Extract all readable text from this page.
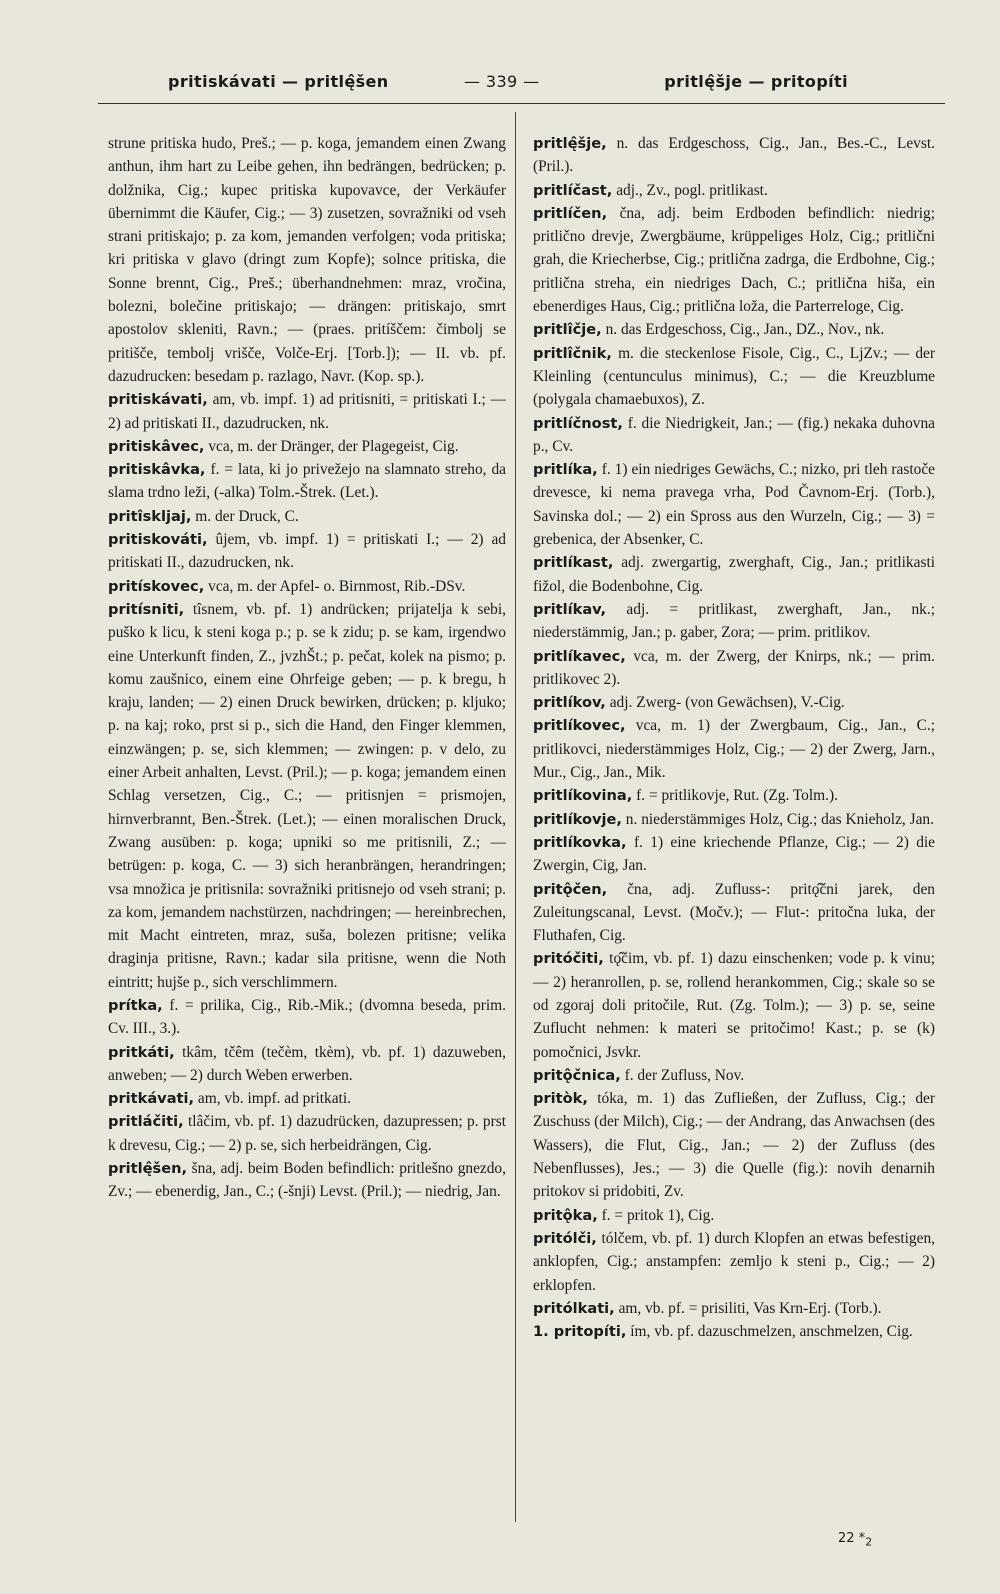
pritiskávati — pritlę̂šen	— 339 —	pritlę̂šje — pritopíti

strune pritiska hudo, Preš.; — p. koga, jemandem einen Zwang anthun, ihm hart zu Leibe gehen, ihn bedrängen, bedrücken; p. dolžnika, Cig.; kupec pritiska kupovavce, der Verkäufer übernimmt die Käufer, Cig.; — 3) zusetzen, sovražniki od vseh strani pritiskajo; p. za kom, jemanden verfolgen; voda pritiska; kri pritiska v glavo (dringt zum Kopfe); solnce pritiska, die Sonne brennt, Cig., Preš.; überhandnehmen: mraz, vročina, bolezni, bolečine pritiskajo; — drängen: pritiskajo, smrt apostolov skleniti, Ravn.; — (praes. pritíščem: čimbolj se pritišče, tembolj vrišče, Volče-Erj. [Torb.]); — II. vb. pf. dazudrucken: besedam p. razlago, Navr. (Kop. sp.).

pritiskávati, am, vb. impf. 1) ad pritisniti, = pritiskati I.; — 2) ad pritiskati II., dazudrucken, nk.

pritiskâvec, vca, m. der Dränger, der Plagegeist, Cig.

pritiskâvka, f. = lata, ki jo privežejo na slamnato streho, da slama trdno leži, (-alka) Tolm.-Štrek. (Let.).

pritîskljaj, m. der Druck, C.

pritiskováti, ûjem, vb. impf. 1) = pritiskati I.; — 2) ad pritiskati II., dazudrucken, nk.

pritískovec, vca, m. der Apfel- o. Birnmost, Rib.-DSv.

pritísniti, tîsnem, vb. pf. 1) andrücken; prijatelja k sebi, puško k licu, k steni koga p.; p. se k zidu; p. se kam, irgendwo eine Unterkunft finden, Z., jvzhŠt.; p. pečat, kolek na pismo; p. komu zaušnico, einem eine Ohrfeige geben; — p. k bregu, h kraju, landen; — 2) einen Druck bewirken, drücken; p. kljuko; p. na kaj; roko, prst si p., sich die Hand, den Finger klemmen, einzwängen; p. se, sich klemmen; — zwingen: p. v delo, zu einer Arbeit anhalten, Levst. (Pril.); — p. koga; jemandem einen Schlag versetzen, Cig., C.; — pritisnjen = prismojen, hirnverbrannt, Ben.-Štrek. (Let.); — einen moralischen Druck, Zwang ausüben: p. koga; upniki so me pritisnili, Z.; — betrügen: p. koga, C. — 3) sich heranbrängen, herandringen; vsa množica je pritisnila: sovražniki pritisnejo od vseh strani; p. za kom, jemandem nachstürzen, nachdringen; — hereinbrechen, mit Macht eintreten, mraz, suša, bolezen pritisne; velika draginja pritisne, Ravn.; kadar sila pritisne, wenn die Noth eintritt; hujše p., sich verschlimmern.

prítka, f. = prilika, Cig., Rib.-Mik.; (dvomna beseda, prim. Cv. III., 3.).

pritkáti, tkâm, tčêm (tečèm, tkèm), vb. pf. 1) dazuweben, anweben; — 2) durch Weben erwerben.

pritkávati, am, vb. impf. ad pritkati.

pritláčiti, tlâčim, vb. pf. 1) dazudrücken, dazupressen; p. prst k drevesu, Cig.; — 2) p. se, sich herbeidrängen, Cig.

pritlę̂šen, šna, adj. beim Boden befindlich: pritlešno gnezdo, Zv.; — ebenerdig, Jan., C.; (-šnji) Levst. (Pril.); — niedrig, Jan.

pritlę̂šje, n. das Erdgeschoss, Cig., Jan., Bes.-C., Levst. (Pril.).

pritlíčast, adj., Zv., pogl. pritlikast.

pritlíčen, čna, adj. beim Erdboden befindlich: niedrig; pritlično drevje, Zwergbäume, krüppeliges Holz, Cig.; pritlični grah, die Kriecherbse, Cig.; pritlična zadrga, die Erdbohne, Cig.; pritlična streha, ein niedriges Dach, C.; pritlična hiša, ein ebenerdiges Haus, Cig.; pritlična loža, die Parterreloge, Cig.

pritlîčje, n. das Erdgeschoss, Cig., Jan., DZ., Nov., nk.

pritlîčnik, m. die steckenlose Fisole, Cig., C., LjZv.; — der Kleinling (centunculus minimus), C.; — die Kreuzblume (polygala chamaebuxos), Z.

pritlíčnost, f. die Niedrigkeit, Jan.; — (fig.) nekaka duhovna p., Cv.

pritlíka, f. 1) ein niedriges Gewächs, C.; nizko, pri tleh rastoče drevesce, ki nema pravega vrha, Pod Čavnom-Erj. (Torb.), Savinska dol.; — 2) ein Spross aus den Wurzeln, Cig.; — 3) = grebenica, der Absenker, C.

pritlíkast, adj. zwergartig, zwerghaft, Cig., Jan.; pritlikasti fižol, die Bodenbohne, Cig.

pritlíkav, adj. = pritlikast, zwerghaft, Jan., nk.; niederstämmig, Jan.; p. gaber, Zora; — prim. pritlikov.

pritlíkavec, vca, m. der Zwerg, der Knirps, nk.; — prim. pritlikovec 2).

pritlíkov, adj. Zwerg- (von Gewächsen), V.-Cig.

pritlíkovec, vca, m. 1) der Zwergbaum, Cig., Jan., C.; pritlikovci, niederstämmiges Holz, Cig.; — 2) der Zwerg, Jarn., Mur., Cig., Jan., Mik.

pritlíkovina, f. = pritlikovje, Rut. (Zg. Tolm.).

pritlíkovje, n. niederstämmiges Holz, Cig.; das Knieholz, Jan.

pritlíkovka, f. 1) eine kriechende Pflanze, Cig.; — 2) die Zwergin, Cig, Jan.

pritǫ̂čen, čna, adj. Zufluss-: pritǫ̂čni jarek, den Zuleitungscanal, Levst. (Močv.); — Flut-: pritočna luka, der Fluthafen, Cig.

pritóčiti, tǫ̂čim, vb. pf. 1) dazu einschenken; vode p. k vinu; — 2) heranrollen, p. se, rollend herankommen, Cig.; skale so se od zgoraj doli pritočile, Rut. (Zg. Tolm.); — 3) p. se, seine Zuflucht nehmen: k materi se pritočimo! Kast.; p. se (k) pomočnici, Jsvkr.

pritǫ̂čnica, f. der Zufluss, Nov.

pritòk, tóka, m. 1) das Zufließen, der Zufluss, Cig.; der Zuschuss (der Milch), Cig.; — der Andrang, das Anwachsen (des Wassers), die Flut, Cig., Jan.; — 2) der Zufluss (des Nebenflusses), Jes.; — 3) die Quelle (fig.): novih denarnih pritokov si pridobiti, Zv.

pritǫ̂ka, f. = pritok 1), Cig.

pritólči, tólčem, vb. pf. 1) durch Klopfen an etwas befestigen, anklopfen, Cig.; anstampfen: zemljo k steni p., Cig.; — 2) erklopfen.

pritólkati, am, vb. pf. = prisiliti, Vas Krn-Erj. (Torb.).

1. pritopíti, ím, vb. pf. dazuschmelzen, anschmelzen, Cig.

22 $*_2$
